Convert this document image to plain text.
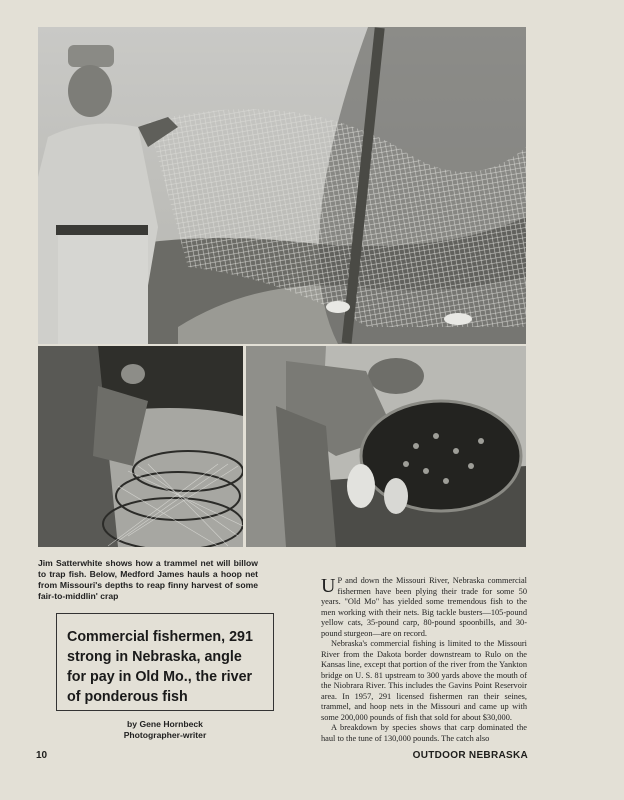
Jim Satterwhite shows how a trammel net will billow to trap fish. Below, Medford James hauls a hoop net from Missouri's depths to reap finny harvest of some fair-to-middlin' crap

Commercial fishermen, 291 strong in Nebraska, angle for pay in Old Mo., the river of ponderous fish

by Gene Hornbeck
Photographer-writer

U P and down the Missouri River, Nebraska commercial fishermen have been plying their trade for some 50 years. "Old Mo" has yielded some tremendous fish to the men working with their nets. Big tackle busters—105-pound yellow cats, 35-pound carp, 80-pound spoonbills, and 30-pound sturgeon—are on record.

Nebraska's commercial fishing is limited to the Missouri River from the Dakota border downstream to Rulo on the Kansas line, except that portion of the river from the Yankton bridge on U. S. 81 upstream to 300 yards above the mouth of the Niobrara River. This includes the Gavins Point Reservoir area. In 1957, 291 licensed fishermen ran their seines, trammel, and hoop nets in the Missouri and came up with some 200,000 pounds of fish that sold for about $30,000.

A breakdown by species shows that carp dominated the haul to the tune of 130,000 pounds. The catch also

10	OUTDOOR NEBRASKA
